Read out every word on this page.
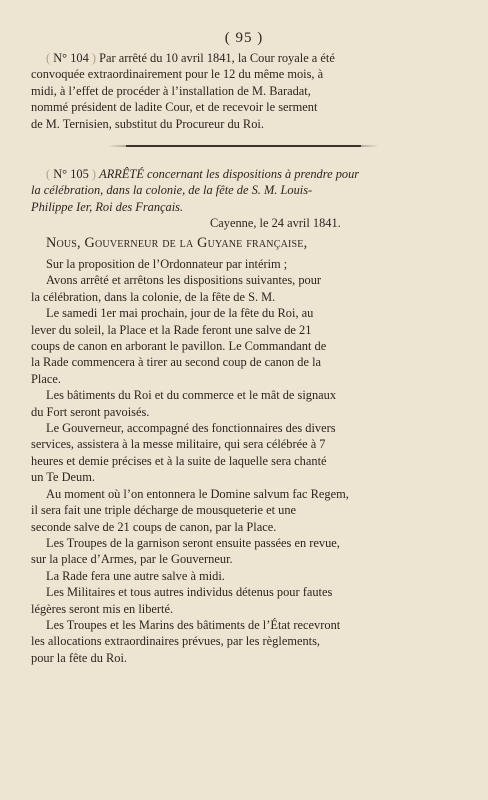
( 95 )
( N° 104 ) Par arrêté du 10 avril 1841, la Cour royale a été
convoquée extraordinairement pour le 12 du même mois, à
midi, à l’effet de procéder à l’installation de M. Baradat,
nommé président de ladite Cour, et de recevoir le serment
de M. Ternisien, substitut du Procureur du Roi.
( N° 105 ) ARRÊTÉ concernant les dispositions à prendre pour
la célébration, dans la colonie, de la fête de S. M. Louis-
Philippe Ier, Roi des Français.
Cayenne, le 24 avril 1841.
Nous, Gouverneur de la Guyane française,

Sur la proposition de l’Ordonnateur par intérim ;

Avons arrêté et arrêtons les dispositions suivantes, pour
la célébration, dans la colonie, de la fête de S. M.

Le samedi 1er mai prochain, jour de la fête du Roi, au
lever du soleil, la Place et la Rade feront une salve de 21
coups de canon en arborant le pavillon. Le Commandant de
la Rade commencera à tirer au second coup de canon de la
Place.

Les bâtiments du Roi et du commerce et le mât de signaux
du Fort seront pavoisés.

Le Gouverneur, accompagné des fonctionnaires des divers
services, assistera à la messe militaire, qui sera célébrée à 7
heures et demie précises et à la suite de laquelle sera chanté
un Te Deum.

Au moment où l’on entonnera le Domine salvum fac Regem,
il sera fait une triple décharge de mousqueterie et une
seconde salve de 21 coups de canon, par la Place.

Les Troupes de la garnison seront ensuite passées en revue,
sur la place d’Armes, par le Gouverneur.

La Rade fera une autre salve à midi.

Les Militaires et tous autres individus détenus pour fautes
légères seront mis en liberté.

Les Troupes et les Marins des bâtiments de l’État recevront
les allocations extraordinaires prévues, par les règlements,
pour la fête du Roi.
